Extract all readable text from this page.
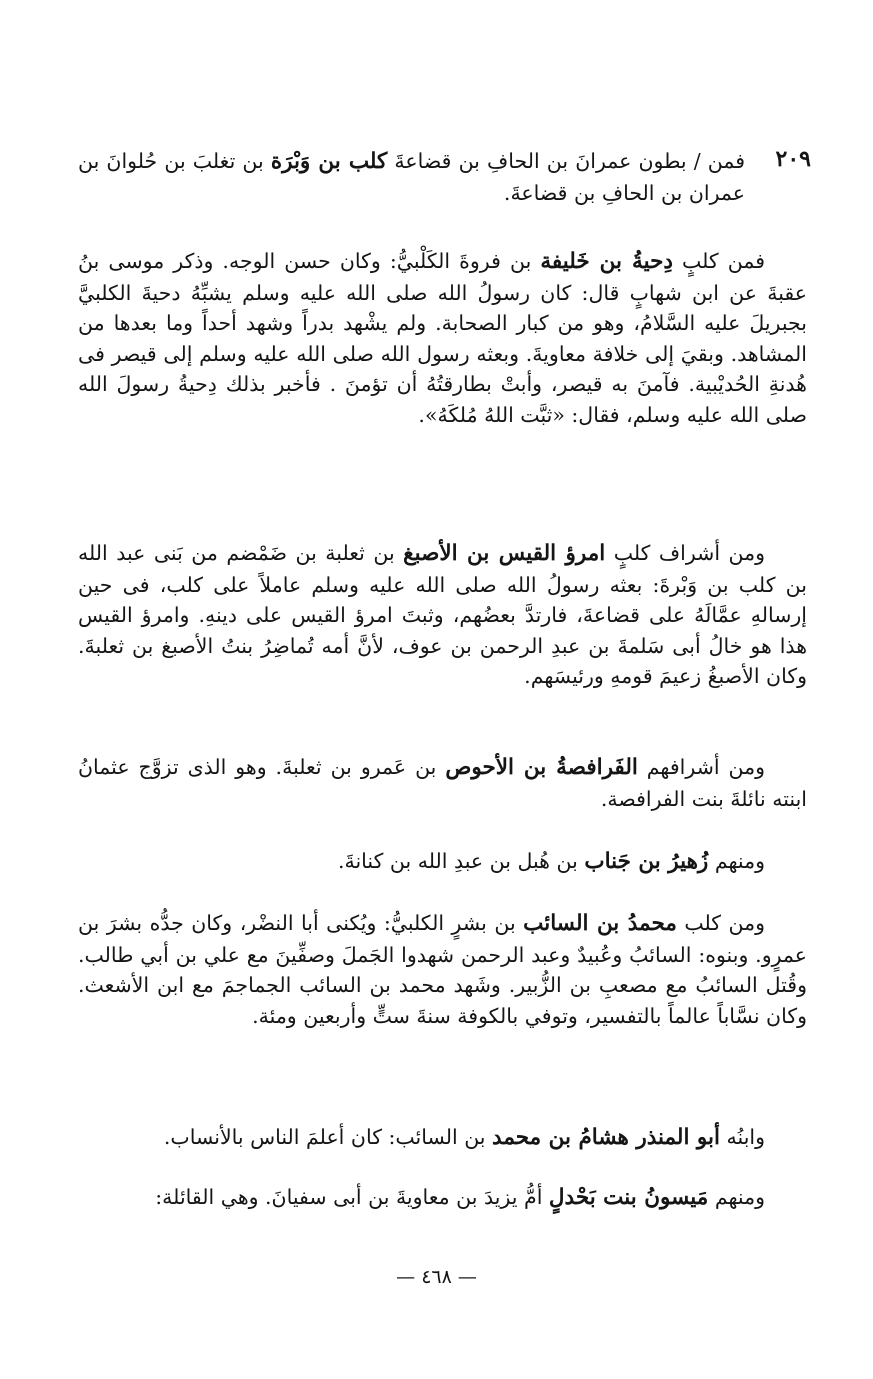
٢٠٩
فمن / بطون عمرانَ بن الحافِ بن قضاعةَ كلب بن وَبْرَة بن تغلبَ بن حُلوانَ بن عمران بن الحافِ بن قضاعةَ.
فمن كلبٍ دِحيةُ بن خَليفة بن فروةَ الكَلْبيُّ: وكان حسن الوجه. وذكر موسى بنُ عقبةَ عن ابن شهابٍ قال: كان رسولُ الله صلى الله عليه وسلم يشبِّهُ دحيةَ الكلبيَّ بجبريلَ عليه السَّلامُ، وهو من كبار الصحابة. ولم يشْهد بدراً وشهد أحداً وما بعدها من المشاهد. وبقيَ إلى خلافة معاويةَ. وبعثه رسول الله صلى الله عليه وسلم إلى قيصر فى هُدنةِ الحُديْبية. فآمنَ به قيصر، وأبتْ بطارقتُهُ أن تؤمنَ . فأخبر بذلك دِحيةُ رسولَ الله صلى الله عليه وسلم، فقال: «ثبَّت اللهُ مُلكَهُ».
ومن أشراف كلبٍ امرؤ القيس بن الأصبغ بن ثعلبة بن ضَمْضم من بَنى عبد الله بن كلب بن وَبْرةَ: بعثه رسولُ الله صلى الله عليه وسلم عاملاً على كلب، فى حين إرسالهِ عمَّالَهُ على قضاعةَ، فارتدَّ بعضُهم، وثبتَ امرؤ القيس على دينهِ. وامرؤ القيس هذا هو خالُ أبى سَلمةَ بن عبدِ الرحمن بن عوف، لأنَّ أمه تُماضِرُ بنتُ الأصبغ بن ثعلبةَ. وكان الأصبغُ زعيمَ قومهِ ورئيسَهم.
ومن أشرافهم الفَرافصةُ بن الأحوص بن عَمرو بن ثعلبةَ. وهو الذى تزوَّج عثمانُ ابنته نائلةَ بنت الفرافصة.
ومنهم زُهيرُ بن جَناب بن هُبل بن عبدِ الله بن كنانةَ.
ومن كلب محمدُ بن السائب بن بشرٍ الكلبيُّ: ويُكنى أبا النضْر، وكان جدُّه بشرَ بن عمرٍو. وبنوه: السائبُ وعُبيدٌ وعبد الرحمن شهدوا الجَملَ وصفِّينَ مع علي بن أبي طالب. وقُتل السائبُ مع مصعبِ بن الزُّبير. وشَهد محمد بن السائب الجماجمَ مع ابن الأشعث. وكان نسَّاباً عالماً بالتفسير، وتوفي بالكوفة سنةَ ستٍّ وأربعين ومئة.
وابنُه أبو المنذر هشامُ بن محمد بن السائب: كان أعلمَ الناس بالأنساب.
ومنهم مَيسونُ بنت بَحْدلٍ أمُّ يزيدَ بن معاويةَ بن أبى سفيانَ. وهي القائلة:
— ٤٦٨ —
